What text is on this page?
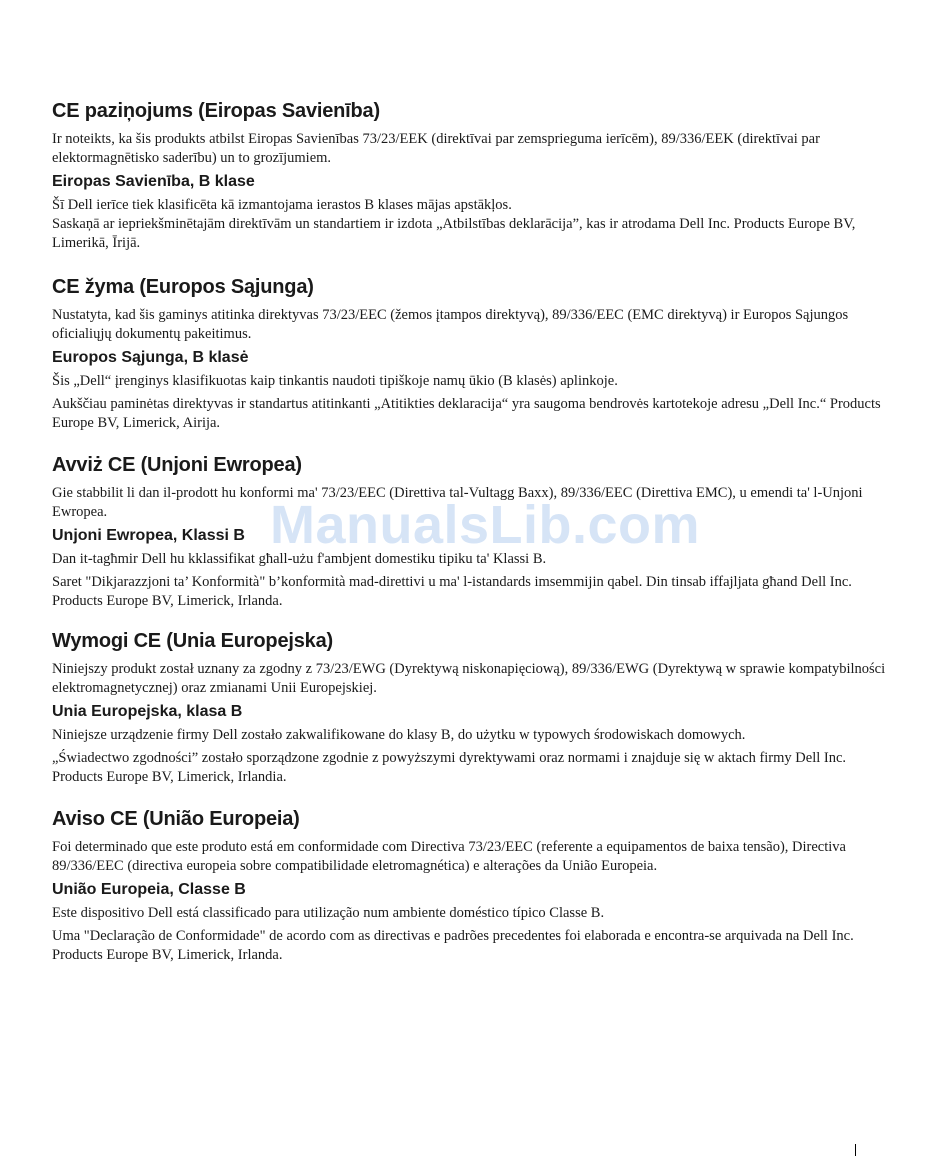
CE paziņojums (Eiropas Savienība)

Ir noteikts, ka šis produkts atbilst Eiropas Savienības 73/23/EEK (direktīvai par zemsprieguma ierīcēm), 89/336/EEK (direktīvai par elektormagnētisko saderību) un to grozījumiem.

Eiropas Savienība, B klase

Šī Dell ierīce tiek klasificēta kā izmantojama ierastos B klases mājas apstākļos.

Saskaņā ar iepriekšminētajām direktīvām un standartiem ir izdota „Atbilstības deklarācija”, kas ir atrodama Dell Inc. Products Europe BV, Limerikā, Īrijā.

CE žyma (Europos Sąjunga)

Nustatyta, kad šis gaminys atitinka direktyvas 73/23/EEC (žemos įtampos direktyvą), 89/336/EEC (EMC direktyvą) ir Europos Sąjungos oficialiųjų dokumentų pakeitimus.

Europos Sąjunga, B klasė

Šis „Dell“ įrenginys klasifikuotas kaip tinkantis naudoti tipiškoje namų ūkio (B klasės) aplinkoje.

Aukščiau paminėtas direktyvas ir standartus atitinkanti „Atitikties deklaracija“ yra saugoma bendrovės kartotekoje adresu „Dell Inc.“ Products Europe BV, Limerick, Airija.

Avviż CE (Unjoni Ewropea)

Gie stabbilit li dan il-prodott hu konformi ma' 73/23/EEC (Direttiva tal-Vultagg Baxx), 89/336/EEC (Direttiva EMC), u emendi ta' l-Unjoni Ewropea.

Unjoni Ewropea, Klassi B

Dan it-tagħmir Dell hu kklassifikat għall-użu f'ambjent domestiku tipiku ta' Klassi B.

Saret "Dikjarazzjoni ta’ Konformità" b’konformità mad-direttivi u ma' l-istandards imsemmijin qabel. Din tinsab iffajljata għand Dell Inc. Products Europe BV, Limerick, Irlanda.

Wymogi CE (Unia Europejska)

Niniejszy produkt został uznany za zgodny z 73/23/EWG (Dyrektywą niskonapięciową), 89/336/EWG (Dyrektywą w sprawie kompatybilności elektromagnetycznej) oraz zmianami Unii Europejskiej.

Unia Europejska, klasa B

Niniejsze urządzenie firmy Dell zostało zakwalifikowane do klasy B, do użytku w typowych środowiskach domowych.

„Świadectwo zgodności” zostało sporządzone zgodnie z powyższymi dyrektywami oraz normami i znajduje się w aktach firmy Dell Inc. Products Europe BV, Limerick, Irlandia.

Aviso CE (União Europeia)

Foi determinado que este produto está em conformidade com Directiva 73/23/EEC (referente a equipamentos de baixa tensão), Directiva 89/336/EEC (directiva europeia sobre compatibilidade eletromagnética) e alterações da União Europeia.

União Europeia, Classe B

Este dispositivo Dell está classificado para utilização num ambiente doméstico típico Classe B.

Uma "Declaração de Conformidade" de acordo com as directivas e padrões precedentes foi elaborada e encontra-se arquivada na Dell Inc. Products Europe BV, Limerick, Irlanda.

ManualsLib.com
